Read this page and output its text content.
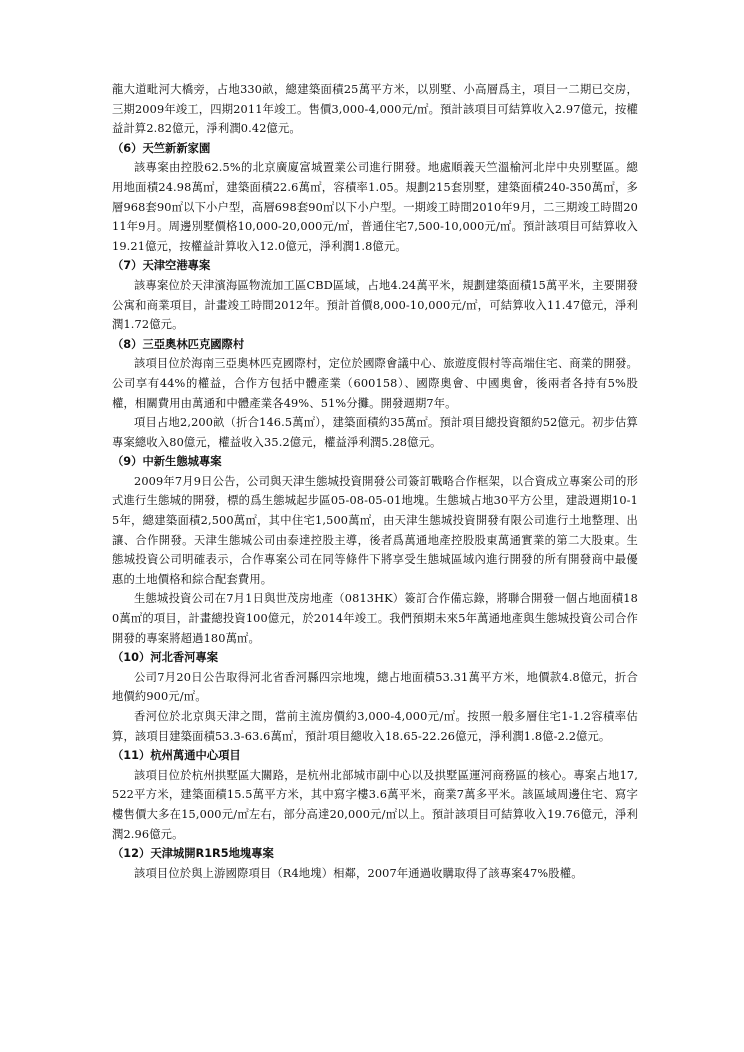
龍大道毗河大橋旁，占地330畝，總建築面積25萬平方米，以別墅、小高層爲主，項目一二期已交房，三期2009年竣工，四期2011年竣工。售價3,000-4,000元/㎡。預計該項目可結算收入2.97億元，按權益計算2.82億元，淨利潤0.42億元。

（6）天竺新新家園

該專案由控股62.5%的北京廣廈富城置業公司進行開發。地處順義天竺溫榆河北岸中央別墅區。總用地面積24.98萬㎡，建築面積22.6萬㎡，容積率1.05。規劃215套別墅，建築面積240-350萬㎡，多層968套90㎡以下小户型，高層698套90㎡以下小户型。一期竣工時間2010年9月，二三期竣工時間2011年9月。周邊別墅價格10,000-20,000元/㎡，普通住宅7,500-10,000元/㎡。預計該項目可結算收入19.21億元，按權益計算收入12.0億元，淨利潤1.8億元。

（7）天津空港專案

該專案位於天津濱海區物流加工區CBD區域，占地4.24萬平米，規劃建築面積15萬平米，主要開發公寓和商業項目，計畫竣工時間2012年。預計首價8,000-10,000元/㎡，可結算收入11.47億元，淨利潤1.72億元。

（8）三亞奧林匹克國際村

該項目位於海南三亞奧林匹克國際村，定位於國際會議中心、旅遊度假村等高端住宅、商業的開發。公司享有44%的權益，合作方包括中體產業（600158）、國際奧會、中國奧會，後兩者各持有5%股權，相關費用由萬通和中體產業各49%、51%分攤。開發週期7年。

項目占地2,200畝（折合146.5萬㎡），建築面積約35萬㎡。預計項目總投資額約52億元。初步估算專案總收入80億元，權益收入35.2億元，權益淨利潤5.28億元。

（9）中新生態城專案

2009年7月9日公告，公司與天津生態城投資開發公司簽訂戰略合作框架，以合資成立專案公司的形式進行生態城的開發，標的爲生態城起步區05-08-05-01地塊。生態城占地30平方公里，建設週期10-15年，總建築面積2,500萬㎡，其中住宅1,500萬㎡，由天津生態城投資開發有限公司進行土地整理、出讓、合作開發。天津生態城公司由泰達控股主導，後者爲萬通地產控股股東萬通實業的第二大股東。生態城投資公司明確表示，合作專案公司在同等條件下將享受生態城區域內進行開發的所有開發商中最優惠的土地價格和綜合配套費用。

生態城投資公司在7月1日與世茂房地產（0813HK）簽訂合作備忘錄，將聯合開發一個占地面積180萬㎡的項目，計畫總投資100億元，於2014年竣工。我們預期未來5年萬通地產與生態城投資公司合作開發的專案將超過180萬㎡。

（10）河北香河專案

公司7月20日公告取得河北省香河縣四宗地塊，總占地面積53.31萬平方米，地價款4.8億元，折合地價約900元/㎡。

香河位於北京與天津之間，當前主流房價約3,000-4,000元/㎡。按照一般多層住宅1-1.2容積率估算，該項目建築面積53.3-63.6萬㎡，預計項目總收入18.65-22.26億元，淨利潤1.8億-2.2億元。

（11）杭州萬通中心項目

該項目位於杭州拱墅區大關路，是杭州北部城市副中心以及拱墅區運河商務區的核心。專案占地17,522平方米，建築面積15.5萬平方米，其中寫字樓3.6萬平米，商業7萬多平米。該區域周邊住宅、寫字樓售價大多在15,000元/㎡左右，部分高達20,000元/㎡以上。預計該項目可結算收入19.76億元，淨利潤2.96億元。

（12）天津城開R1R5地塊專案

該項目位於與上游國際項目（R4地塊）相鄰，2007年通過收購取得了該專案47%股權。
